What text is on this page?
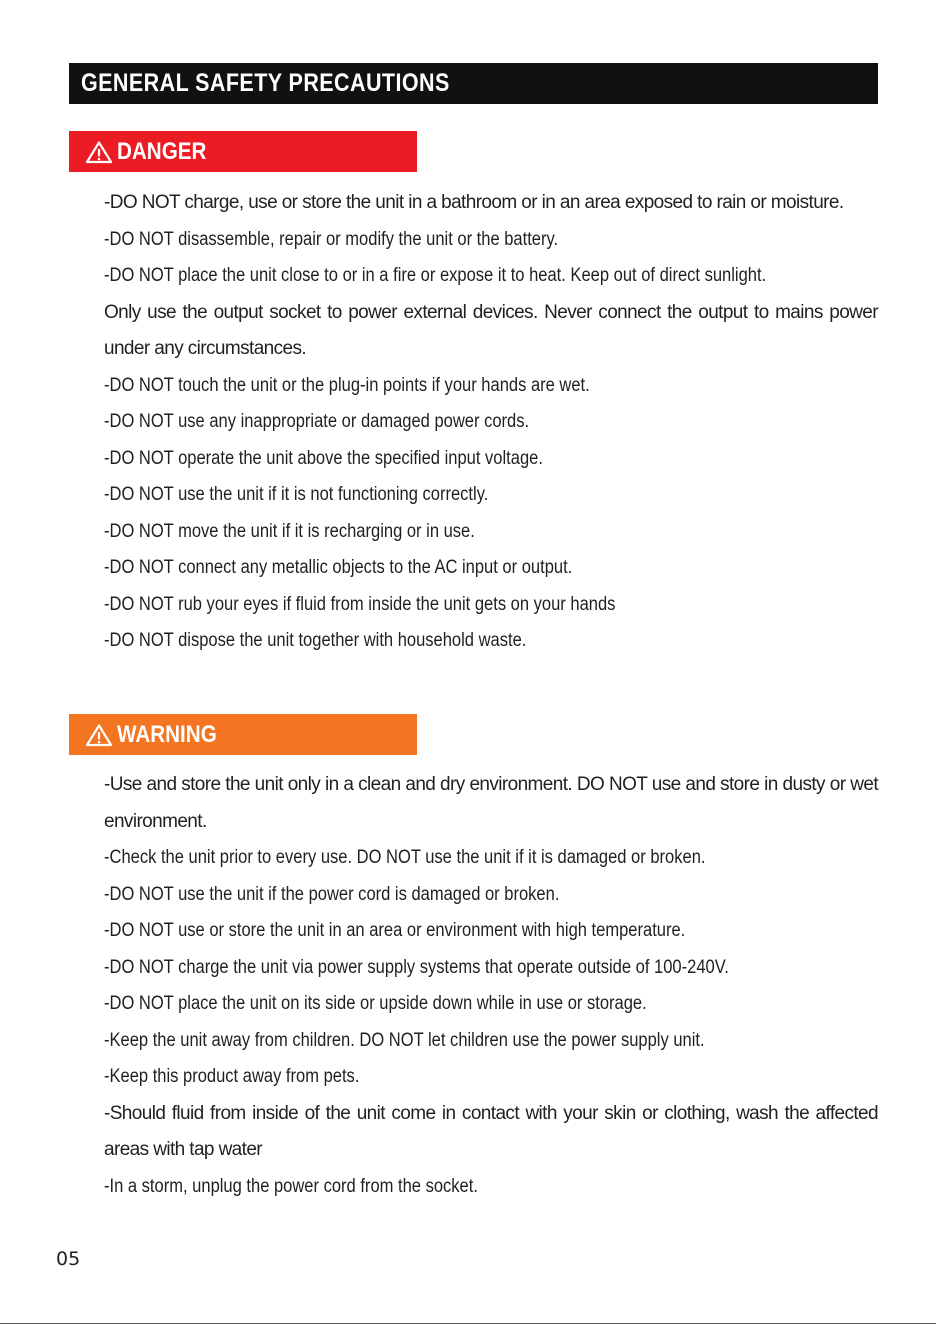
GENERAL SAFETY PRECAUTIONS
DANGER

-DO NOT charge, use or store the unit in a bathroom or in an area exposed to rain or moisture.

-DO NOT disassemble, repair or modify the unit or the battery.

-DO NOT place the unit close to or in a fire or expose it to heat. Keep out of direct sunlight.

Only use the output socket to power external devices. Never connect the output to mains power under any circumstances.

-DO NOT touch the unit or the plug-in points if your hands are wet.

-DO NOT use any inappropriate or damaged power cords.

-DO NOT operate the unit above the specified input voltage.

-DO NOT use the unit if it is not functioning correctly.

-DO NOT move the unit if it is recharging or in use.

-DO NOT connect any metallic objects to the AC input or output.

-DO NOT rub your eyes if fluid from inside the unit gets on your hands

-DO NOT dispose the unit together with household waste.

WARNING

-Use and store the unit only in a clean and dry environment. DO NOT use and store in dusty or wet environment.

-Check the unit prior to every use. DO NOT use the unit if it is damaged or broken.

-DO NOT use the unit if the power cord is damaged or broken.

-DO NOT use or store the unit in an area or environment with high temperature.

-DO NOT charge the unit via power supply systems that operate outside of 100-240V.

-DO NOT place the unit on its side or upside down while in use or storage.

-Keep the unit away from children. DO NOT let children use the power supply unit.

-Keep this product away from pets.

-Should fluid from inside of the unit come in contact with your skin or clothing, wash the affected areas with tap water

-In a storm, unplug the power cord from the socket.

05
